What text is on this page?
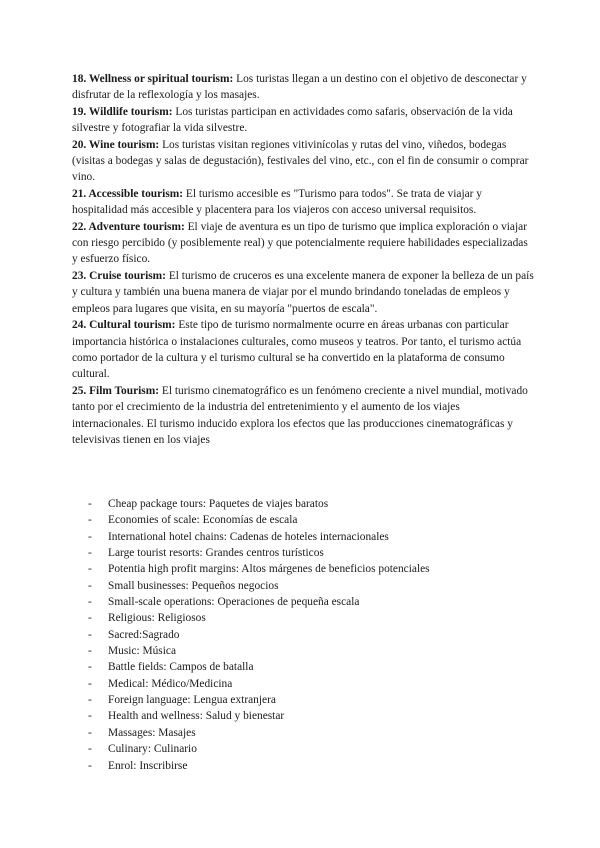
18. Wellness or spiritual tourism: Los turistas llegan a un destino con el objetivo de desconectar y disfrutar de la reflexología y los masajes.

19. Wildlife tourism: Los turistas participan en actividades como safaris, observación de la vida silvestre y fotografiar la vida silvestre.

20. Wine tourism: Los turistas visitan regiones vitivinícolas y rutas del vino, viñedos, bodegas (visitas a bodegas y salas de degustación), festivales del vino, etc., con el fin de consumir o comprar vino.

21. Accessible tourism: El turismo accesible es "Turismo para todos". Se trata de viajar y hospitalidad más accesible y placentera para los viajeros con acceso universal requisitos.

22. Adventure tourism: El viaje de aventura es un tipo de turismo que implica exploración o viajar con riesgo percibido (y posiblemente real) y que potencialmente requiere habilidades especializadas y esfuerzo físico.

23. Cruise tourism: El turismo de cruceros es una excelente manera de exponer la belleza de un país y cultura y también una buena manera de viajar por el mundo brindando toneladas de empleos y empleos para lugares que visita, en su mayoría "puertos de escala".

24. Cultural tourism: Este tipo de turismo normalmente ocurre en áreas urbanas con particular importancia histórica o instalaciones culturales, como museos y teatros. Por tanto, el turismo actúa como portador de la cultura y el turismo cultural se ha convertido en la plataforma de consumo cultural.

25. Film Tourism: El turismo cinematográfico es un fenómeno creciente a nivel mundial, motivado tanto por el crecimiento de la industria del entretenimiento y el aumento de los viajes internacionales. El turismo inducido explora los efectos que las producciones cinematográficas y televisivas tienen en los viajes

- Cheap package tours: Paquetes de viajes baratos
- Economies of scale: Economías de escala
- International hotel chains: Cadenas de hoteles internacionales
- Large tourist resorts: Grandes centros turísticos
- Potentia high profit margins: Altos márgenes de beneficios potenciales
- Small businesses: Pequeños negocios
- Small-scale operations: Operaciones de pequeña escala
- Religious: Religiosos
- Sacred:Sagrado
- Music: Música
- Battle fields: Campos de batalla
- Medical: Médico/Medicina
- Foreign language: Lengua extranjera
- Health and wellness: Salud y bienestar
- Massages: Masajes
- Culinary: Culinario
- Enrol: Inscribirse
